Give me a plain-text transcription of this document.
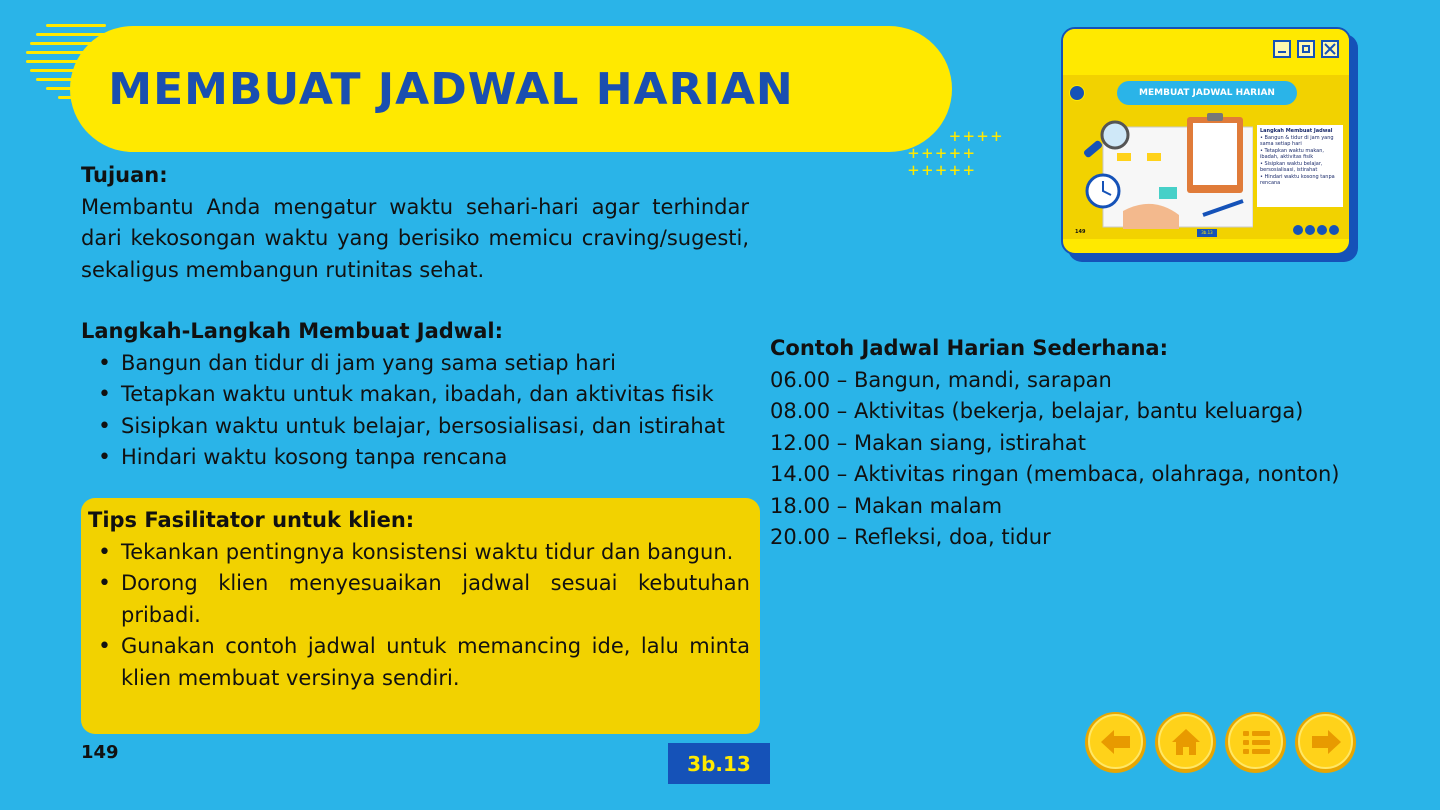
MEMBUAT JADWAL HARIAN
++++
+++++
+++++
Tujuan:
Membantu Anda mengatur waktu sehari-hari agar terhindar dari kekosongan waktu yang berisiko memicu craving/sugesti, sekaligus membangun rutinitas sehat.
Langkah-Langkah Membuat Jadwal:
• Bangun dan tidur di jam yang sama setiap hari
• Tetapkan waktu untuk makan, ibadah, dan aktivitas fisik
• Sisipkan waktu untuk belajar, bersosialisasi, dan istirahat
• Hindari waktu kosong tanpa rencana
Tips Fasilitator untuk klien:
• Tekankan pentingnya konsistensi waktu tidur dan bangun.
• Dorong klien menyesuaikan jadwal sesuai kebutuhan pribadi.
• Gunakan contoh jadwal untuk memancing ide, lalu minta klien membuat versinya sendiri.
Contoh Jadwal Harian Sederhana:
06.00 – Bangun, mandi, sarapan
08.00 – Aktivitas (bekerja, belajar, bantu keluarga)
12.00 – Makan siang, istirahat
14.00 – Aktivitas ringan (membaca, olahraga, nonton)
18.00 – Makan malam
20.00 – Refleksi, doa, tidur
149	3b.13
MEMBUAT JADWAL HARIAN
Langkah Membuat Jadwal
• Bangun & tidur di jam yang sama setiap hari
• Tetapkan waktu makan, ibadah, aktivitas fisik
• Sisipkan waktu belajar, bersosialisasi, istirahat
• Hindari waktu kosong tanpa rencana
149	3b.13
